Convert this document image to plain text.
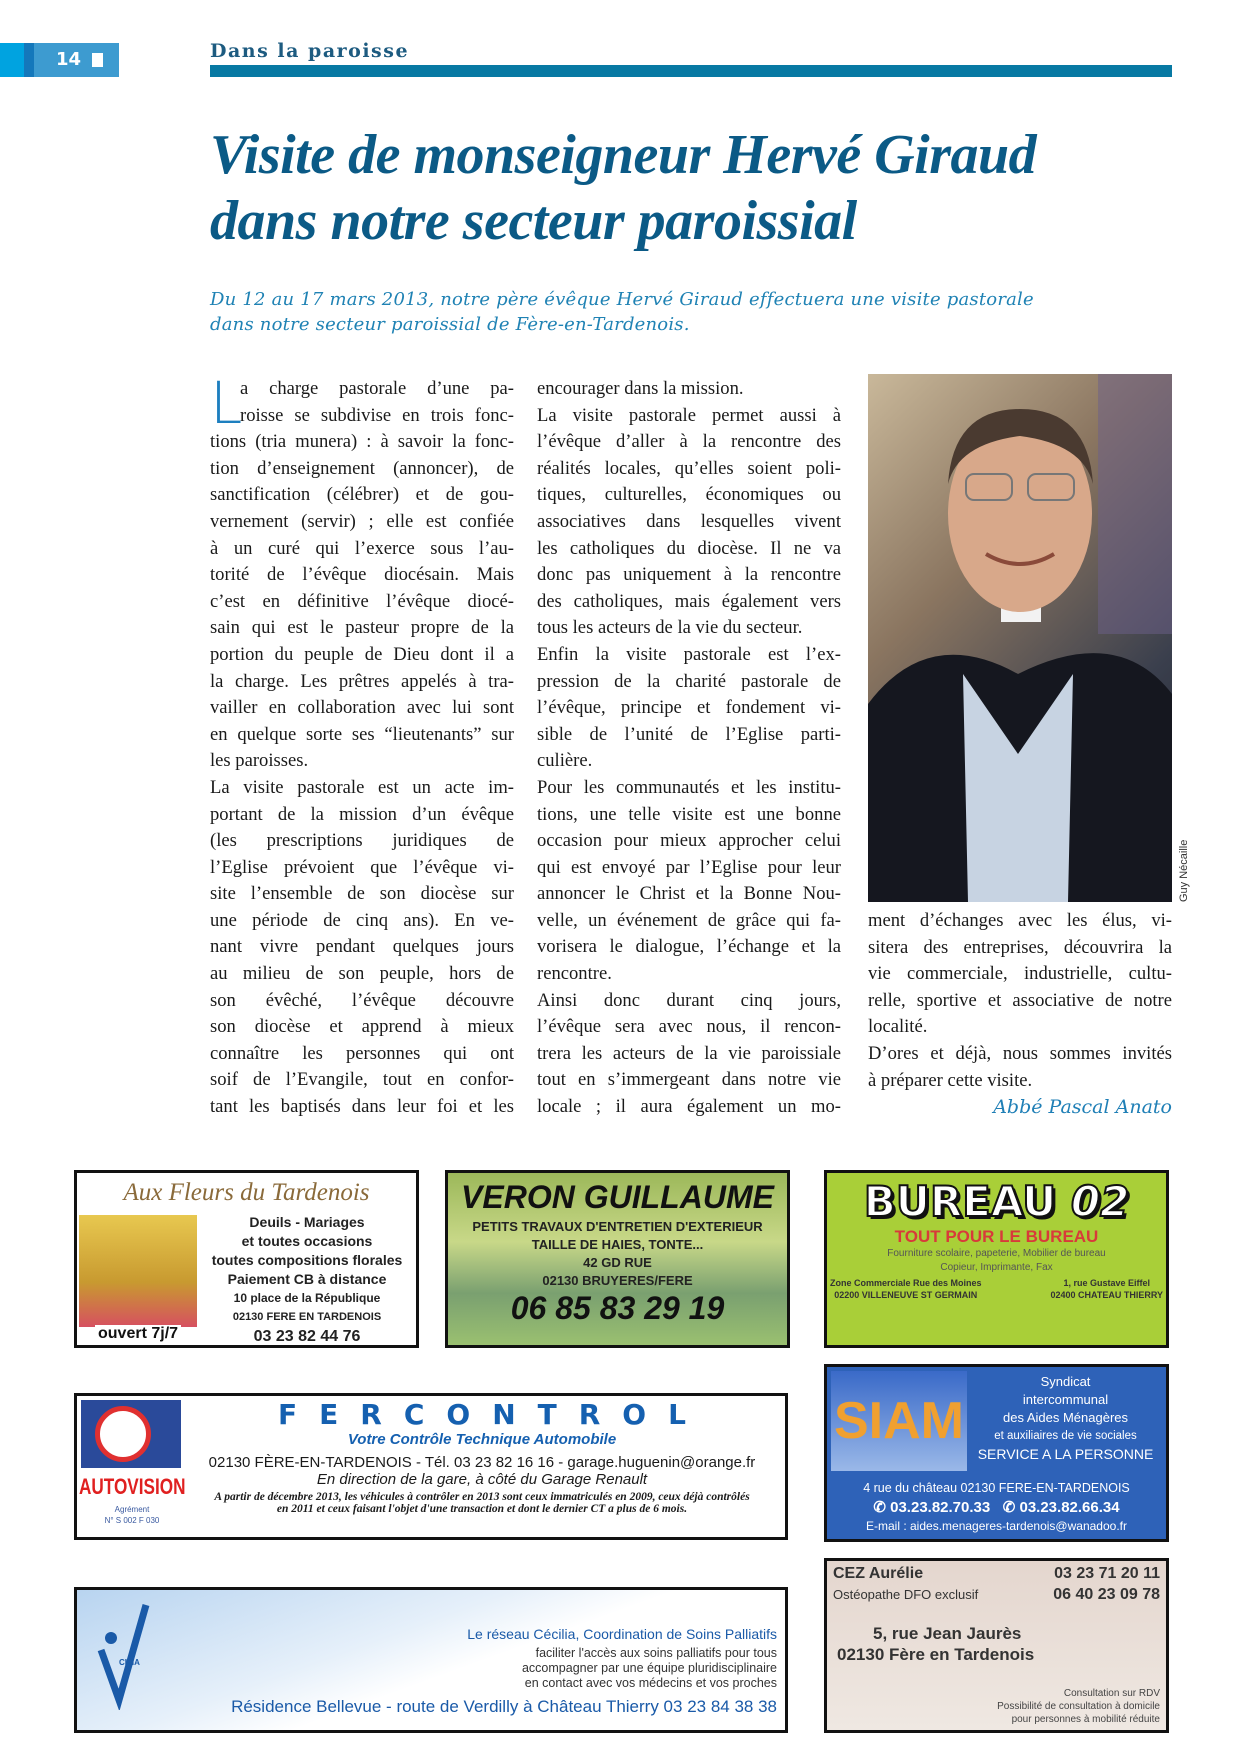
14	Dans la paroisse
Visite de monseigneur Hervé Giraud
dans notre secteur paroissial
Du 12 au 17 mars 2013, notre père évêque Hervé Giraud effectuera une visite pastorale
dans notre secteur paroissial de Fère-en-Tardenois.
L
a charge pastorale d’une pa-
roisse se subdivise en trois fonc-
tions (tria munera) : à savoir la fonc-
tion d’enseignement (annoncer), de
sanctification (célébrer) et de gou-
vernement (servir) ; elle est confiée
à un curé qui l’exerce sous l’au-
torité de l’évêque diocésain. Mais
c’est en définitive l’évêque diocé-
sain qui est le pasteur propre de la
portion du peuple de Dieu dont il a
la charge. Les prêtres appelés à tra-
vailler en collaboration avec lui sont
en quelque sorte ses “lieutenants” sur
les paroisses.
La visite pastorale est un acte im-
portant de la mission d’un évêque
(les prescriptions juridiques de
l’Eglise prévoient que l’évêque vi-
site l’ensemble de son diocèse sur
une période de cinq ans). En ve-
nant vivre pendant quelques jours
au milieu de son peuple, hors de
son évêché, l’évêque découvre
son diocèse et apprend à mieux
connaître les personnes qui ont
soif de l’Evangile, tout en confor-
tant les baptisés dans leur foi et les
encourager dans la mission.
La visite pastorale permet aussi à
l’évêque d’aller à la rencontre des
réalités locales, qu’elles soient poli-
tiques, culturelles, économiques ou
associatives dans lesquelles vivent
les catholiques du diocèse. Il ne va
donc pas uniquement à la rencontre
des catholiques, mais également vers
tous les acteurs de la vie du secteur.
Enfin la visite pastorale est l’ex-
pression de la charité pastorale de
l’évêque, principe et fondement vi-
sible de l’unité de l’Eglise parti-
culière.
Pour les communautés et les institu-
tions, une telle visite est une bonne
occasion pour mieux approcher celui
qui est envoyé par l’Eglise pour leur
annoncer le Christ et la Bonne Nou-
velle, un événement de grâce qui fa-
vorisera le dialogue, l’échange et la
rencontre.
Ainsi donc durant cinq jours,
l’évêque sera avec nous, il rencon-
trera les acteurs de la vie paroissiale
tout en s’immergeant dans notre vie
locale ; il aura également un mo-
ment d’échanges avec les élus, vi-
sitera des entreprises, découvrira la
vie commerciale, industrielle, cultu-
relle, sportive et associative de notre
localité.
D’ores et déjà, nous sommes invités
à préparer cette visite.
Abbé Pascal Anato
Guy Nécaille
Aux Fleurs du Tardenois
Deuils - Mariages
et toutes occasions
toutes compositions florales
Paiement CB à distance
10 place de la République
02130 FERE EN TARDENOIS
03 23 82 44 76
ouvert 7j/7
VERON GUILLAUME
PETITS TRAVAUX D'ENTRETIEN D'EXTERIEUR
TAILLE DE HAIES, TONTE...
42 GD RUE
02130 BRUYERES/FERE
06 85 83 29 19
BUREAU 02
TOUT POUR LE BUREAU
Fourniture scolaire, papeterie, Mobilier de bureau
Copieur, Imprimante, Fax
Zone Commerciale Rue des Moines
02200 VILLENEUVE ST GERMAIN
1, rue Gustave Eiffel
02400 CHATEAU THIERRY
AUTOVISION
Agrément
N° S 002 F 030
FERCONTROL
Votre Contrôle Technique Automobile
02130 FÈRE-EN-TARDENOIS - Tél. 03 23 82 16 16 - garage.huguenin@orange.fr
En direction de la gare, à côté du Garage Renault
A partir de décembre 2013, les véhicules à contrôler en 2013 sont ceux immatriculés en 2009, ceux déjà contrôlés
en 2011 et ceux faisant l'objet d'une transaction et dont le dernier CT a plus de 6 mois.
SIAM
Syndicat
intercommunal
des Aides Ménagères
et auxiliaires de vie sociales
SERVICE A LA PERSONNE
4 rue du château 02130 FERE-EN-TARDENOIS
✆ 03.23.82.70.33 ✆ 03.23.82.66.34
E-mail : aides.menageres-tardenois@wanadoo.fr
CEZ Aurélie
Ostéopathe DFO exclusif
03 23 71 20 11
06 40 23 09 78
5, rue Jean Jaurès
02130 Fère en Tardenois
Consultation sur RDV
Possibilité de consultation à domicile
pour personnes à mobilité réduite
CILIA
Le réseau Cécilia, Coordination de Soins Palliatifs
faciliter l'accès aux soins palliatifs pour tous
accompagner par une équipe pluridisciplinaire
en contact avec vos médecins et vos proches
Résidence Bellevue - route de Verdilly à Château Thierry 03 23 84 38 38
